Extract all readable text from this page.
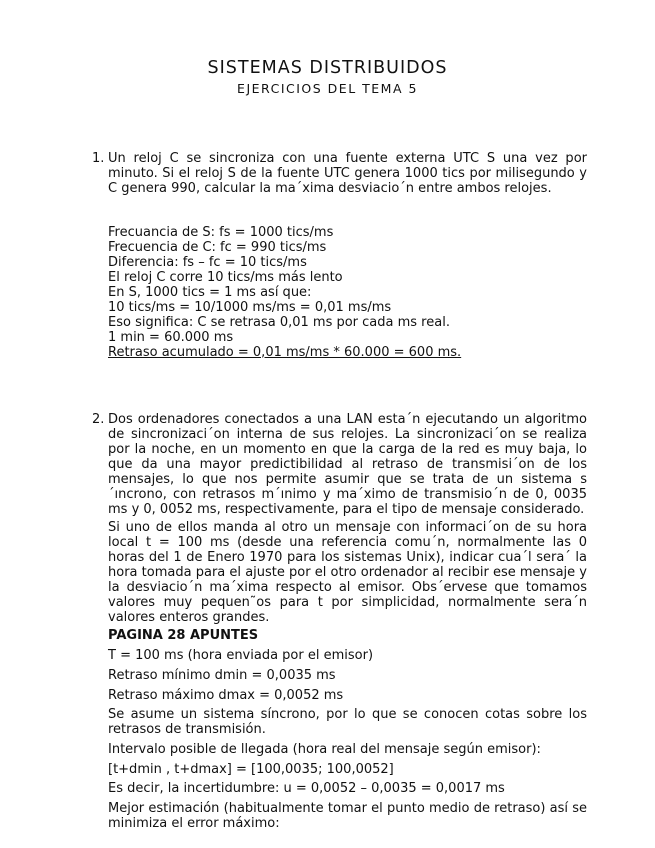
SISTEMAS DISTRIBUIDOS
EJERCICIOS DEL TEMA 5
1. Un reloj C se sincroniza con una fuente externa UTC S una vez por minuto. Si el reloj S de la fuente UTC genera 1000 tics por milisegundo y C genera 990, calcular la ma´xima desviacio´n entre ambos relojes.
Frecuancia de S: fs = 1000 tics/ms
Frecuencia de C: fc = 990 tics/ms
Diferencia: fs – fc = 10 tics/ms
El reloj C corre 10 tics/ms más lento
En S, 1000 tics = 1 ms así que:
10 tics/ms = 10/1000 ms/ms = 0,01 ms/ms
Eso significa: C se retrasa 0,01 ms por cada ms real.
1 min = 60.000 ms
Retraso acumulado = 0,01 ms/ms * 60.000 = 600 ms.
2. Dos ordenadores conectados a una LAN esta´n ejecutando un algoritmo de sincronizaci´on interna de sus relojes. La sincronizaci´on se realiza por la noche, en un momento en que la carga de la red es muy baja, lo que da una mayor predictibilidad al retraso de transmisi´on de los mensajes, lo que nos permite asumir que se trata de un sistema s´ıncrono, con retrasos m´ınimo y ma´ximo de transmisio´n de 0, 0035 ms y 0, 0052 ms, respectivamente, para el tipo de mensaje considerado.
Si uno de ellos manda al otro un mensaje con informaci´on de su hora local t = 100 ms (desde una referencia comu´n, normalmente las 0 horas del 1 de Enero 1970 para los sistemas Unix), indicar cua´l sera´ la hora tomada para el ajuste por el otro ordenador al recibir ese mensaje y la desviacio´n ma´xima respecto al emisor. Obs´ervese que tomamos valores muy pequen˜os para t por simplicidad, normalmente sera´n valores enteros grandes.
PAGINA 28 APUNTES
T = 100 ms (hora enviada por el emisor)
Retraso mínimo dmin = 0,0035 ms
Retraso máximo dmax = 0,0052 ms
Se asume un sistema síncrono, por lo que se conocen cotas sobre los retrasos de transmisión.
Intervalo posible de llegada (hora real del mensaje según emisor):
[t+dmin , t+dmax] = [100,0035; 100,0052]
Es decir, la incertidumbre: u = 0,0052 – 0,0035 = 0,0017 ms
Mejor estimación (habitualmente tomar el punto medio de retraso) así se minimiza el error máximo:
